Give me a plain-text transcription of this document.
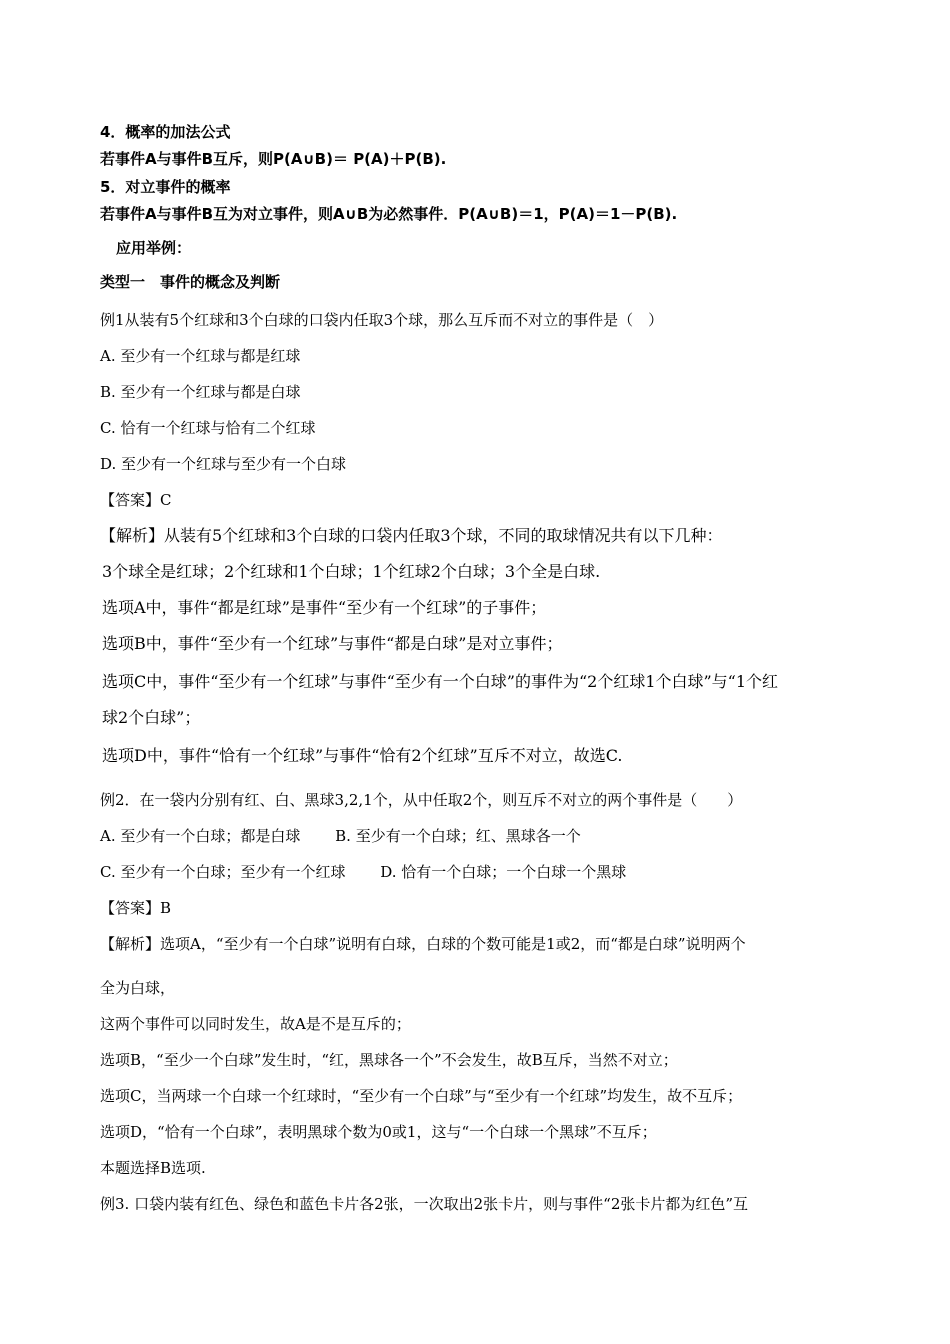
4．概率的加法公式
若事件A与事件B互斥，则P(A∪B)＝ P(A)＋P(B).
5．对立事件的概率
若事件A与事件B互为对立事件，则A∪B为必然事件．P(A∪B)＝1，P(A)＝1－P(B).
应用举例：
类型一　事件的概念及判断
例1从装有5个红球和3个白球的口袋内任取3个球，那么互斥而不对立的事件是（　）
A. 至少有一个红球与都是红球
B. 至少有一个红球与都是白球
C. 恰有一个红球与恰有二个红球
D. 至少有一个红球与至少有一个白球
【答案】C
【解析】从装有5个红球和3个白球的口袋内任取3个球，不同的取球情况共有以下几种：
3个球全是红球；2个红球和1个白球；1个红球2个白球；3个全是白球.
选项A中，事件“都是红球”是事件“至少有一个红球”的子事件；
选项B中，事件“至少有一个红球”与事件“都是白球”是对立事件；
选项C中，事件“至少有一个红球”与事件“至少有一个白球”的事件为“2个红球1个白球”与“1个红
球2个白球”；
选项D中，事件“恰有一个红球”与事件“恰有2个红球”互斥不对立，故选C.
例2．在一袋内分别有红、白、黑球3,2,1个，从中任取2个，则互斥不对立的两个事件是（　　）
A. 至少有一个白球；都是白球　　 B. 至少有一个白球；红、黑球各一个
C. 至少有一个白球；至少有一个红球　　 D. 恰有一个白球；一个白球一个黑球
【答案】B
【解析】选项A，“至少有一个白球”说明有白球，白球的个数可能是1或2，而“都是白球”说明两个
全为白球，
这两个事件可以同时发生，故A是不是互斥的；
选项B，“至少一个白球”发生时，“红，黑球各一个”不会发生，故B互斥，当然不对立；
选项C，当两球一个白球一个红球时，“至少有一个白球”与“至少有一个红球”均发生，故不互斥；
选项D，“恰有一个白球”，表明黑球个数为0或1，这与“一个白球一个黑球”不互斥；
本题选择B选项.
例3. 口袋内装有红色、绿色和蓝色卡片各2张，一次取出2张卡片，则与事件“2张卡片都为红色”互
